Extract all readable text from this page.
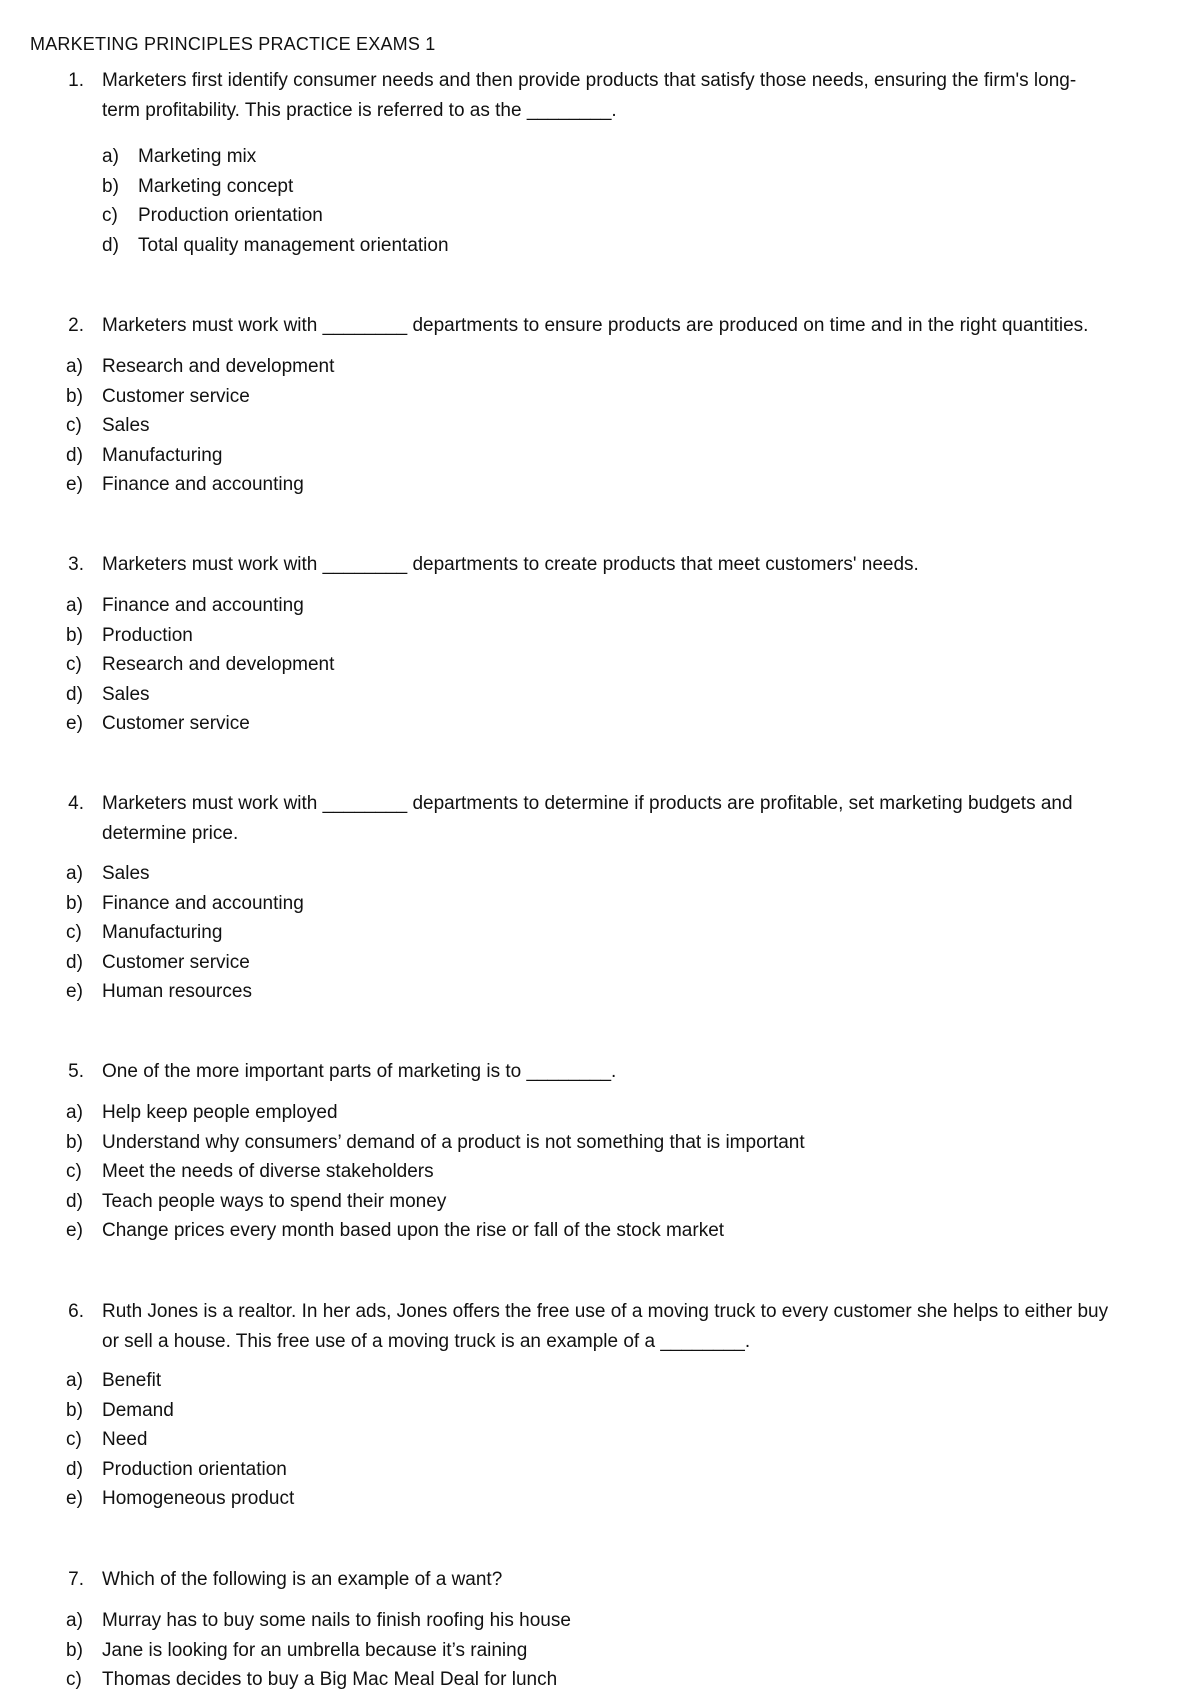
MARKETING PRINCIPLES PRACTICE EXAMS 1
1. Marketers first identify consumer needs and then provide products that satisfy those needs, ensuring the firm's long-
term profitability. This practice is referred to as the ________.
a) Marketing mix
b) Marketing concept
c) Production orientation
d) Total quality management orientation
2. Marketers must work with ________ departments to ensure products are produced on time and in the right quantities.
a) Research and development
b) Customer service
c) Sales
d) Manufacturing
e) Finance and accounting
3. Marketers must work with ________ departments to create products that meet customers' needs.
a) Finance and accounting
b) Production
c) Research and development
d) Sales
e) Customer service
4. Marketers must work with ________ departments to determine if products are profitable, set marketing budgets and
determine price.
a) Sales
b) Finance and accounting
c) Manufacturing
d) Customer service
e) Human resources
5. One of the more important parts of marketing is to ________.
a) Help keep people employed
b) Understand why consumers’ demand of a product is not something that is important
c) Meet the needs of diverse stakeholders
d) Teach people ways to spend their money
e) Change prices every month based upon the rise or fall of the stock market
6. Ruth Jones is a realtor. In her ads, Jones offers the free use of a moving truck to every customer she helps to either buy
or sell a house. This free use of a moving truck is an example of a ________.
a) Benefit
b) Demand
c) Need
d) Production orientation
e) Homogeneous product
7. Which of the following is an example of a want?
a) Murray has to buy some nails to finish roofing his house
b) Jane is looking for an umbrella because it’s raining
c) Thomas decides to buy a Big Mac Meal Deal for lunch
